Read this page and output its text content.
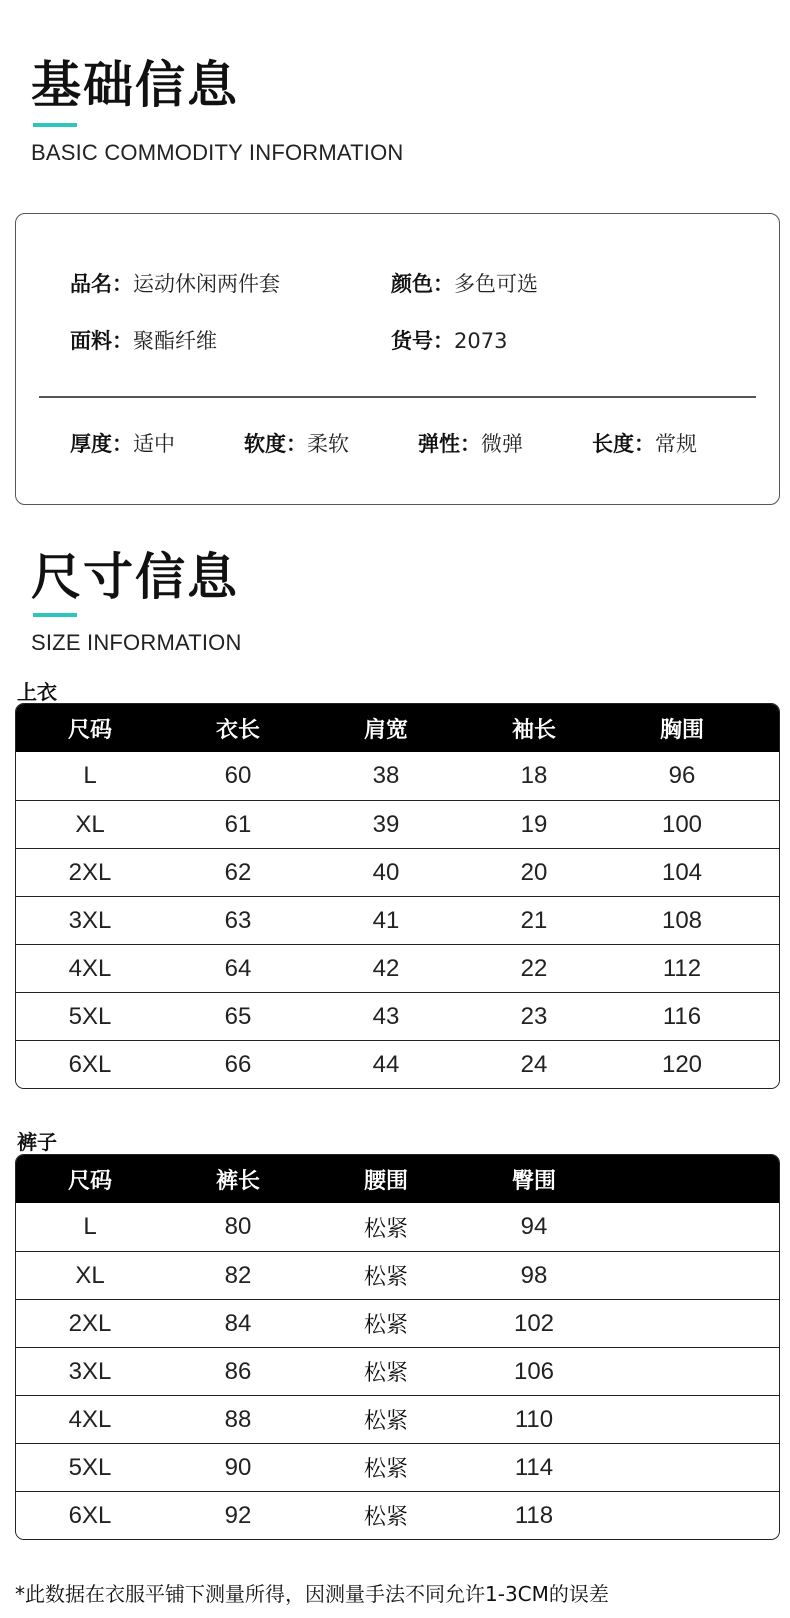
基础信息
BASIC COMMODITY INFORMATION
品名：运动休闲两件套	颜色：多色可选
面料：聚酯纤维	货号：2073
厚度：适中	软度：柔软	弹性：微弹	长度：常规
尺寸信息
SIZE INFORMATION
上衣
尺码	衣长	肩宽	袖长	胸围
L	60	38	18	96
XL	61	39	19	100
2XL	62	40	20	104
3XL	63	41	21	108
4XL	64	42	22	112
5XL	65	43	23	116
6XL	66	44	24	120
裤子
尺码	裤长	腰围	臀围
L	80	松紧	94
XL	82	松紧	98
2XL	84	松紧	102
3XL	86	松紧	106
4XL	88	松紧	110
5XL	90	松紧	114
6XL	92	松紧	118
*此数据在衣服平铺下测量所得，因测量手法不同允许1-3CM的误差
